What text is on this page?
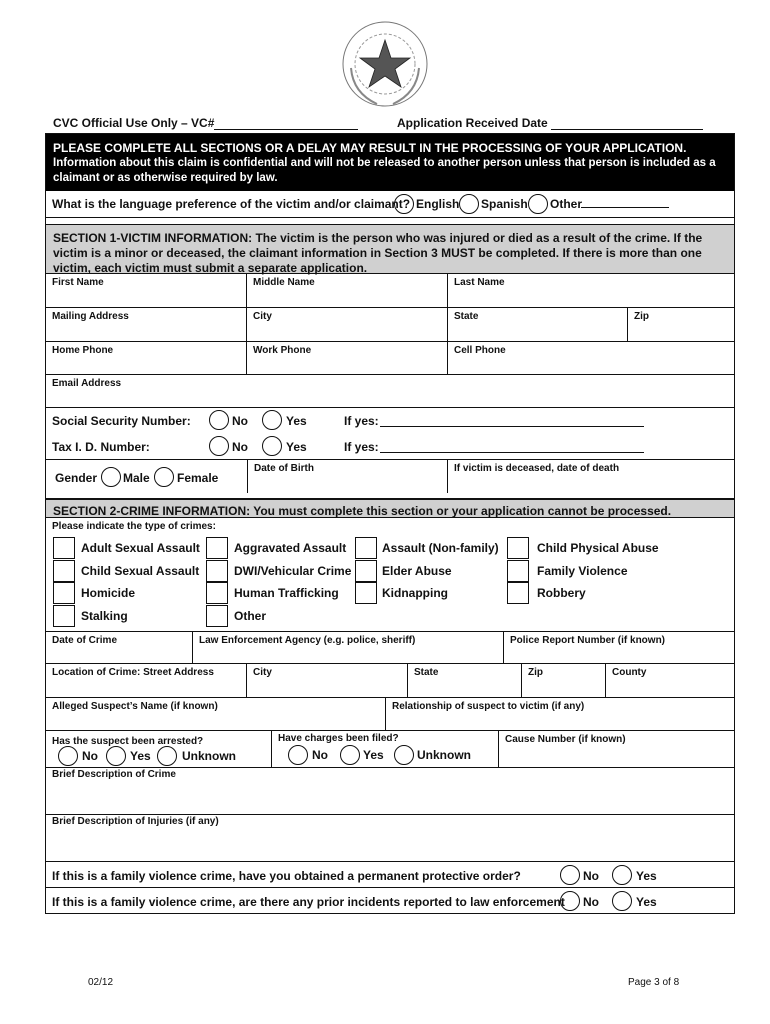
CVC Official Use Only – VC#	Application Received Date
PLEASE COMPLETE ALL SECTIONS OR A DELAY MAY RESULT IN THE PROCESSING OF YOUR APPLICATION.
Information about this claim is confidential and will not be released to another person unless that person is included as a claimant or as otherwise required by law.
What is the language preference of the victim and/or claimant? English Spanish Other
SECTION 1-VICTIM INFORMATION: The victim is the person who was injured or died as a result of the crime. If the victim is a minor or deceased, the claimant information in Section 3 MUST be completed. If there is more than one victim, each victim must submit a separate application.
First Name	Middle Name	Last Name
Mailing Address	City	State	Zip
Home Phone	Work Phone	Cell Phone
Email Address
Social Security Number:	No	Yes	If yes:
Tax I. D. Number:	No	Yes	If yes:
Gender Male Female
Date of Birth	If victim is deceased, date of death
SECTION 2-CRIME INFORMATION: You must complete this section or your application cannot be processed.
Please indicate the type of crimes:
Adult Sexual Assault	Aggravated Assault	Assault (Non-family)	Child Physical Abuse
Child Sexual Assault	DWI/Vehicular Crime	Elder Abuse	Family Violence
Homicide	Human Trafficking	Kidnapping	Robbery
Stalking	Other
Date of Crime	Law Enforcement Agency (e.g. police, sheriff)	Police Report Number (if known)
Location of Crime: Street Address	City	State	Zip	County
Alleged Suspect’s Name (if known)	Relationship of suspect to victim (if any)
Has the suspect been arrested?	Have charges been filed?	Cause Number (if known)
No	Yes	Unknown	No	Yes	Unknown
Brief Description of Crime
Brief Description of Injuries (if any)
If this is a family violence crime, have you obtained a permanent protective order?	No	Yes
If this is a family violence crime, are there any prior incidents reported to law enforcement No	Yes
02/12	Page 3 of 8
